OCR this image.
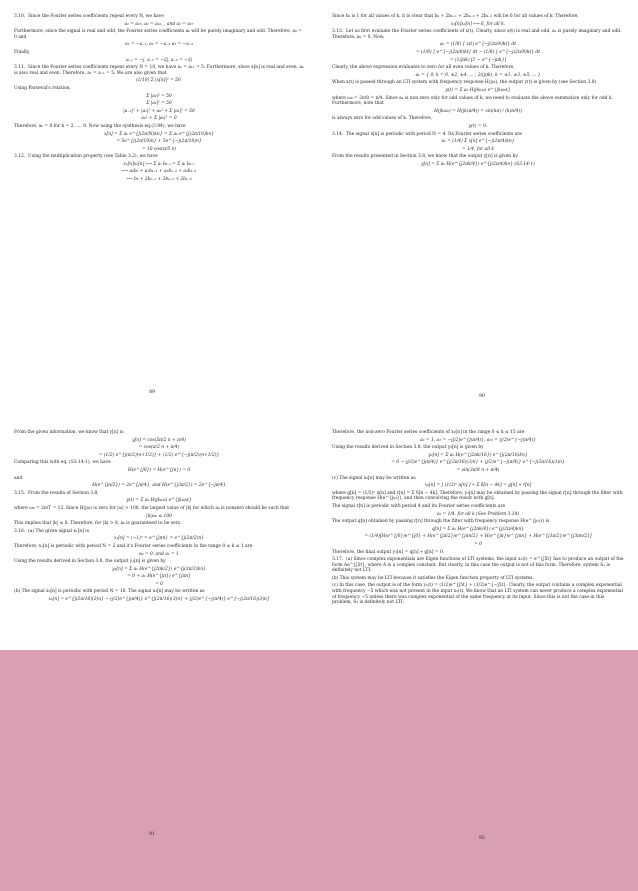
3.10. Since the Fourier series coefficients repeat every N, we have

a₁ = a₁₅, a₂ = a₁₆, , and a₃ = a₁₇

Furthermore, since the signal is real and odd, the Fourier series coefficients aₖ will be purely imaginary and odd. Therefore, a₀ = 0 and

a₁ = −a₋₁, a₂ = −a₋₂ a₃ = −a₋₃

Finally,

a₋₁ = −j, a₋₂ = −2j, a₋₃ = −3j

3.11. Since the Fourier series coefficients repeat every N = 10, we have a₁ = a₁₁ = 5. Furthermore, since x[n] is real and even, aₖ is also real and even. Therefore, a₁ = a₋₁ = 5. We are also given that

(1/10) Σ |x[n]|² = 50.

Using Parseval's relation,

Σ |aₖ|² = 50
Σ |aₖ|² = 50
|a₋₁|² + |a₁|² + a₀² + Σ |aₖ|² = 50
a₀² + Σ |aₖ|² = 0

Therefore, aₖ = 0 for k = 2, ..., 8. Now using the synthesis eq.(3.94), we have

x[n] = Σ aₖ e^{j(2π/N)kn} = Σ aₖ e^{j(2π/10)kn}
= 5e^{j(2π/10)n} + 5e^{−j(2π/10)n}
= 10 cos(π/5 n)

3.12. Using the multiplication property (see Table 3.2), we have

x₁[n]x₂[n] ⟷ Σ aₗ bₖ₋ₗ = Σ aₗ bₖ₋ₗ
⟷ a₀bₖ + a₁bₖ₋₁ + a₂bₖ₋₂ + a₃bₖ₋₃
⟷ bₖ + 2bₖ₋₁ + 2bₖ₋₂ + 2bₖ₋₃

Since bₖ is 1 for all values of k, it is clear that bₖ + 2bₖ₋₁ + 2bₖ₋₂ + 2bₖ₋₃ will be 6 for all values of k. Therefore,

x₁[n]x₂[n] ⟷ 6, for all k.

3.13. Let us first evaluate the Fourier series coefficients of x(t). Clearly, since x(t) is real and odd, aₖ is purely imaginary and odd. Therefore, a₀ = 0. Now,

aₖ = (1/8) ∫ x(t) e^{−j(2π/8)kt} dt
= (1/8) ∫ e^{−j(2π/8)kt} dt − (1/8) ∫ e^{−j(2π/8)kt} dt
= (1/jπk) [1 − e^{−jπk}]

Clearly, the above expression evaluates to zero for all even values of k. Therefore,

aₖ = { 0, k = 0, ±2, ±4, ... ; 2/(jπk), k = ±1, ±3, ±5, ... }

When x(t) is passed through an LTI system with frequency response H(jω), the output y(t) is given by (see Section 3.8)

y(t) = Σ aₖ H(jkω₀) e^{jkω₀t}

where ω₀ = 2π/8 = π/4. Since aₖ is non zero only for odd values of k, we need to evaluate the above summation only for odd k. Furthermore, note that

H(jkω₀) = H(jk(π/4)) = sin(kπ) / (k(π/4))

is always zero for odd values of k. Therefore,

y(t) = 0.

3.14. The signal x[n] is periodic with period N = 4. Its Fourier series coefficients are

aₖ = (1/4) Σ x[n] e^{−j(2π/4)kn}
= 1/4, for all k

From the results presented in Section 3.8, we know that the output y[n] is given by

y[n] = Σ aₖ H(e^{j2πk/4}) e^{j(2π/4)kn} (S3.14-1)

From the given information, we know that y[n] is

y[n] = cos(5π/2 n + π/4)
= cos(π/2 n + π/4)
= (1/2) e^{j(π/2)(n+1/2)} + (1/2) e^{−j(π/2)(n+1/2)}

Comparing this with eq. (S3.14-1), we have

H(e^{j0}) = H(e^{jπ}) = 0

and

H(e^{jπ/2}) = 2e^{jπ/4}, and H(e^{j3π/2}) = 2e^{−jπ/4}

3.15. From the results of Section 3.8,

y(t) = Σ aₖ H(jkω₀) e^{jkω₀t}

where ω₀ = 2π/T = 12. Since H(jω) is zero for |ω| > 100, the largest value of |k| for which aₖ is nonzero should be such that

|k|ω₀ ≤ 100

This implies that |k| ≤ 8. Therefore, for |k| > 8, aₖ is guaranteed to be zero.

3.16. (a) The given signal x₁[n] is

x₁[n] = (−1)ⁿ = e^{jπn} = e^{j(2π/2)n}

Therefore, x₁[n] is periodic with period N = 2 and it's Fourier series coefficients in the range 0 ≤ k ≤ 1 are

a₀ = 0, and a₁ = 1

Using the results derived in Section 3.8, the output y₁[n] is given by

y₁[n] = Σ aₖ H(e^{j2πk/2}) e^{j(2π/2)kn}
= 0 + a₁ H(e^{jπ}) e^{jπn}
= 0

(b) The signal x₂[n] is periodic with period N = 16. The signal x₂[n] may be written as

x₂[n] = e^{j(2π/16)(2)n} − (j/2)e^{j(π/4)} e^{j(2π/16)(3)n} + (j/2)e^{−j(π/4)} e^{−j(2π/16)(3)n}

Therefore, the non-zero Fourier series coefficients of x₂[n] in the range 0 ≤ k ≤ 15 are

a₂ = 1, a₃ = −(j/2)e^{j(π/4)}, a₁₃ = (j/2)e^{−j(π/4)}

Using the results derived in Section 3.8, the output y₂[n] is given by

y₂[n] = Σ aₖ H(e^{j2πk/16}) e^{j(2π/16)kn}
= 0 − (j/2)e^{j(π/4)} e^{j(2π/16)(3)n} + (j/2)e^{−j(π/4)} e^{−j(2π/16)(3)n}
= sin(3π/8 n + π/4)

(c) The signal x₃[n] may be written as

x₃[n] = [ (1/2)ⁿ u[n] ] ∗ Σ δ[n − 4k] = g[n] ∗ r[n]

where g[n] = (1/2)ⁿ u[n] and r[n] = Σ δ[n − 4k]. Therefore, y₃[n] may be obtained by passing the signal r[n] through the filter with frequency response H(e^{jω}), and then convolving the result with g[n].

The signal r[n] is periodic with period 4 and its Fourier series coefficients are

aₖ = 1/4, for all k (See Problem 3.14)

The output q[n] obtained by passing r[n] through the filter with frequency response H(e^{jω}) is

q[n] = Σ aₖ H(e^{j2πk/4}) e^{j(2π/4)kn}
= (1/4)[H(e^{j0})e^{j0} + H(e^{jπ/2})e^{jπn/2} + H(e^{jπ})e^{jπn} + H(e^{j3π/2})e^{j3πn/2}]
= 0

Therefore, the final output y₃[n] = q[n] ∗ g[n] = 0.

3.17. (a) Since complex exponentials are Eigen functions of LTI systems, the input x₁(t) = e^{j5t} has to produce an output of the form Ae^{j5t}, where A is a complex constant. But clearly, in this case the output is not of this form. Therefore, system S₁ is definitely not LTI.

(b) This system may be LTI because it satisfies the Eigen function property of LTI systems.

(c) In this case, the output is of the form y₃(t) = (1/2)e^{j5t} + (1/2)e^{−j5t}. Clearly, the output contains a complex exponential with frequency −5 which was not present in the input x₃(t). We know that an LTI system can never produce a complex exponential of frequency −5 unless there was complex exponential of the same frequency at its input. Since this is not the case in this problem, S₃ is definitely not LTI.

89
90
91
92
